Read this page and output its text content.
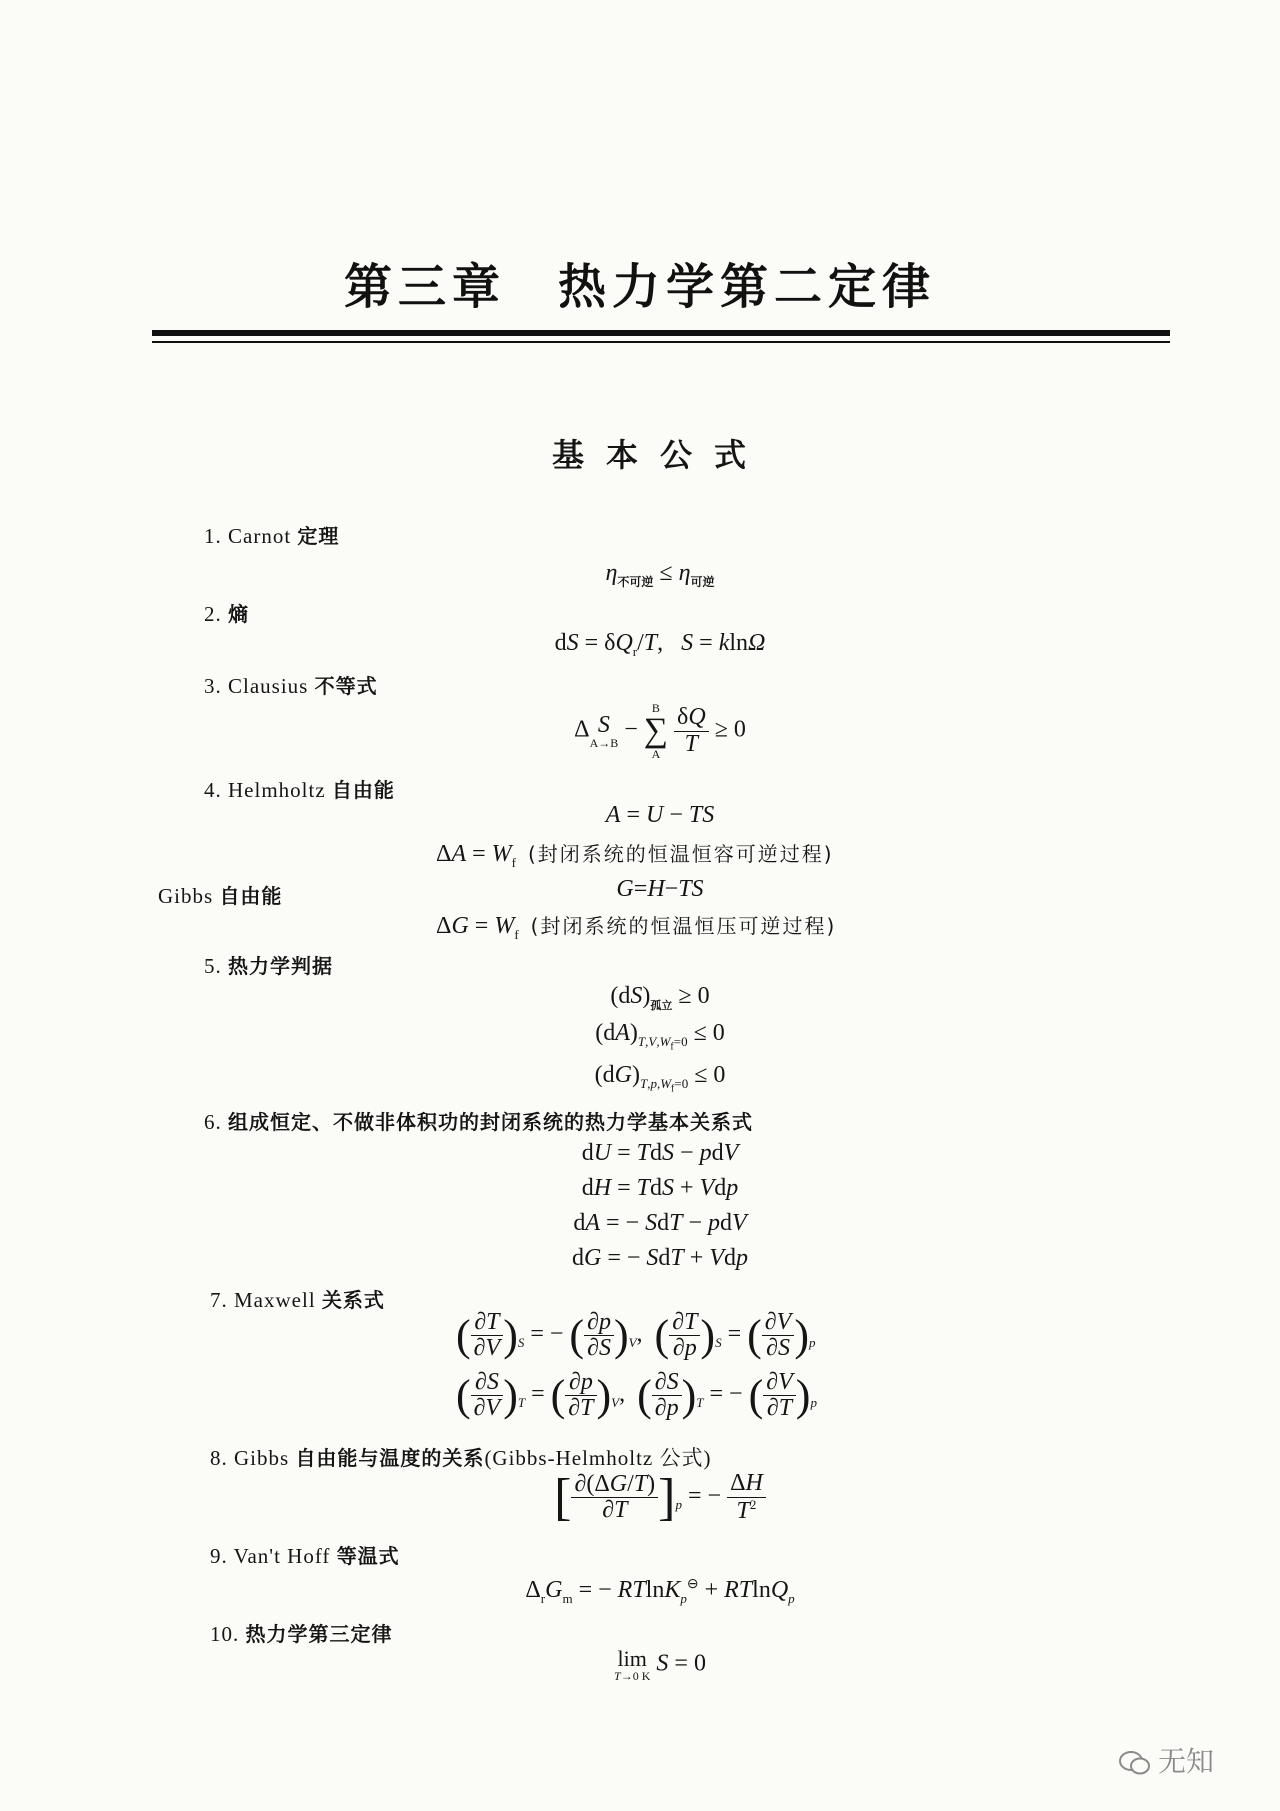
第三章 热力学第二定律
基本公式
1. Carnot 定理
$\eta_{不可逆} \le \eta_{可逆}$
2. 熵
dS = $\delta Q_r/T$,   S = klnΩ
3. Clausius 不等式
Δ S
A→B
−
B
∑
A
$\frac{\delta Q}{T} \ge 0$
4. Helmholtz 自由能
A = U − TS
$\Delta A = W_f$ (封闭系统的恒温恒容可逆过程)
Gibbs 自由能	G=H−TS
$\Delta G = W_f$ (封闭系统的恒温恒压可逆过程)
5. 热力学判据
$(dS)_{孤立} \ge 0$
$(dA)_{T,V,W_f=0} \le 0$
$(dG)_{T,p,W_f=0} \le 0$
6. 组成恒定、不做非体积功的封闭系统的热力学基本关系式
dU = TdS − pdV
dH = TdS + Vdp
dA = − SdT − pdV
dG = − SdT + Vdp
7. Maxwell 关系式
( $\frac{\partial T}{\partial V} )_S$ = − ( $\frac{\partial p}{\partial S} )_V$,  ( $\frac{\partial T}{\partial p} )_S$ = ( $\frac{\partial V}{\partial S} )_p$
( $\frac{\partial S}{\partial V} )_T$ = ( $\frac{\partial p}{\partial T} )_V$,  ( $\frac{\partial S}{\partial p} )_T$ = − ( $\frac{\partial V}{\partial T} )_p$
8. Gibbs 自由能与温度的关系(Gibbs-Helmholtz 公式)
[ $\frac{\partial(\Delta G/T)}{\partial T} ]_p$ = − $\frac{\Delta H}{T^2}$
9. Van't Hoff 等温式
$\Delta_rG_m$ = − RTlnK$_p$⊖ + RTlnQ$_p$
10. 热力学第三定律
lim
T→0 K S = 0
无知
